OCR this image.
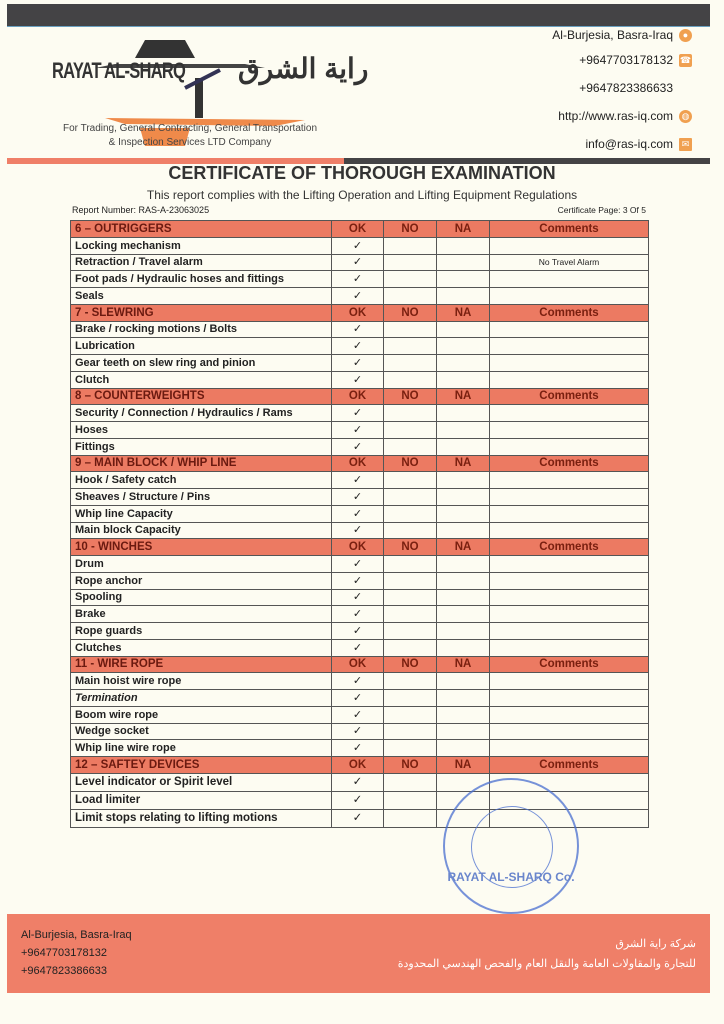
RAYAT AL-SHARQ راية الشرق
For Trading, General Contracting, General Transportation
& Inspection Services LTD Company
Al-Burjesia, Basra-Iraq	●
+9647703178132 ☎
+9647823386633
http://www.ras-iq.com ◍
info@ras-iq.com ✉
CERTIFICATE OF THOROUGH EXAMINATION
This report complies with the Lifting Operation and Lifting Equipment Regulations
Report Number: RAS-A-23063025	Certificate Page: 3 Of 5
6 – OUTRIGGERS	OK	NO	NA	Comments
Locking mechanism	✓			
Retraction / Travel alarm	✓			No Travel Alarm
Foot pads / Hydraulic hoses and fittings	✓			
Seals	✓			
7 - SLEWRING	OK	NO	NA	Comments
Brake / rocking motions / Bolts	✓			
Lubrication	✓			
Gear teeth on slew ring and pinion	✓			
Clutch	✓			
8 – COUNTERWEIGHTS	OK	NO	NA	Comments
Security / Connection / Hydraulics / Rams	✓			
Hoses	✓			
Fittings	✓			
9 – MAIN BLOCK / WHIP LINE	OK	NO	NA	Comments
Hook / Safety catch	✓			
Sheaves / Structure / Pins	✓			
Whip line Capacity	✓			
Main block Capacity	✓			
10 - WINCHES	OK	NO	NA	Comments
Drum	✓			
Rope anchor	✓			
Spooling	✓			
Brake	✓			
Rope guards	✓			
Clutches	✓			
11 - WIRE ROPE	OK	NO	NA	Comments
Main hoist wire rope	✓			
Termination	✓			
Boom wire rope	✓			
Wedge socket	✓			
Whip line wire rope	✓			
12 – SAFTEY DEVICES	OK	NO	NA	Comments
Level indicator or Spirit level	✓			
Load limiter	✓			
Limit stops relating to lifting motions	✓			
RAYAT AL-SHARQ Co.
Al-Burjesia, Basra-Iraq
+9647703178132
+9647823386633
شركة راية الشرق
للتجارة والمقاولات العامة والنقل العام والفحص الهندسي المحدودة
